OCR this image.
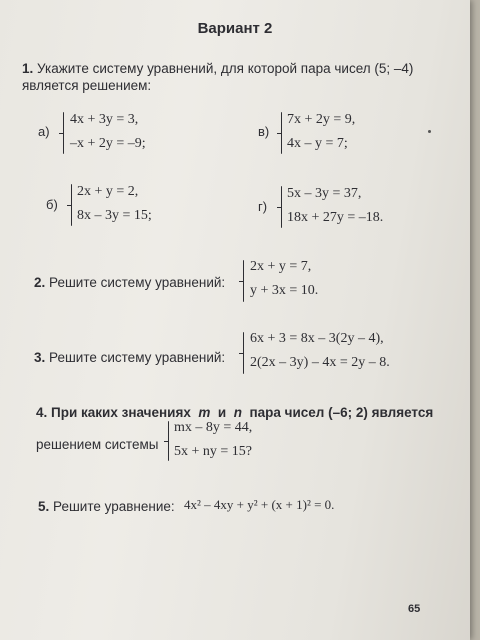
Вариант 2
1. Укажите систему уравнений, для которой пара чисел (5; –4)
является решением:
а)
4x + 3y = 3,
–x + 2y = –9;
в)
7x + 2y = 9,
4x – y = 7;
б)
2x + y = 2,
8x – 3y = 15;
г)
5x – 3y = 37,
18x + 27y = –18.
2. Решите систему уравнений:
2x + y = 7,
y + 3x = 10.
3. Решите систему уравнений:
6x + 3 = 8x – 3(2y – 4),
2(2x – 3y) – 4x = 2y – 8.
4. При каких значениях m и n пара чисел (–6; 2) является
решением системы
mx – 8y = 44,
5x + ny = 15?
5. Решите уравнение: 4x² – 4xy + y² + (x + 1)² = 0.
65
